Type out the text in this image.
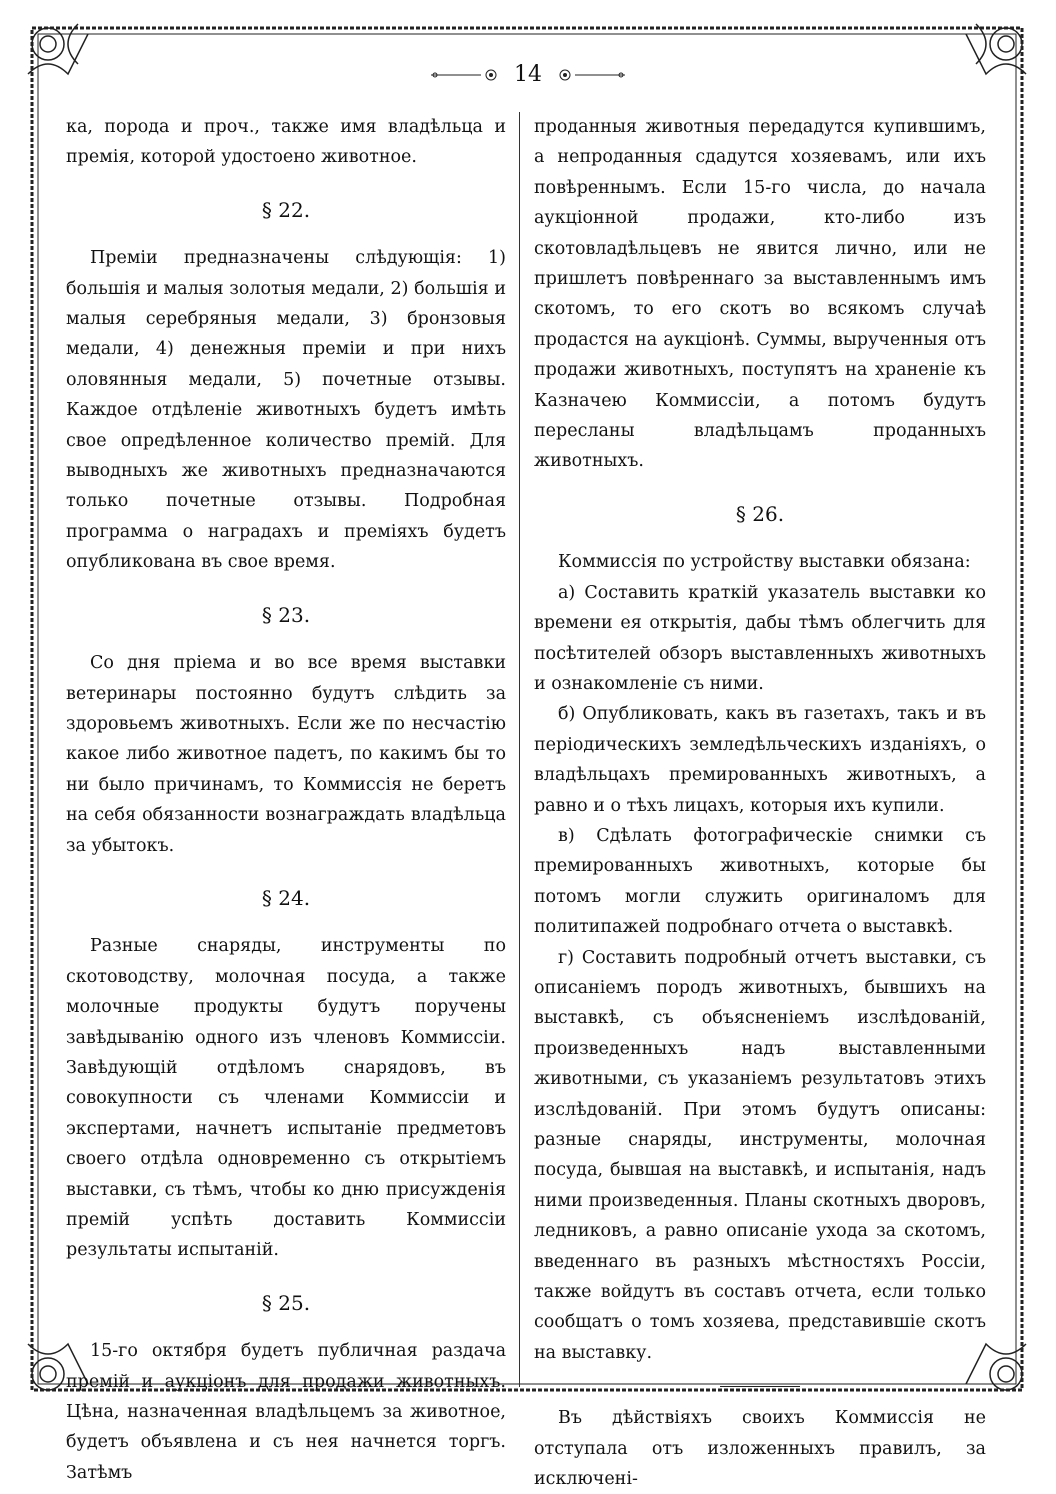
14

ка, порода и проч., также имя владѣльца и премія, которой удостоено животное.

§ 22.

Преміи предназначены слѣдующія: 1) большія и малыя золотыя медали, 2) большія и малыя серебряныя медали, 3) бронзовыя медали, 4) денежныя преміи и при нихъ оловянныя медали, 5) почетные отзывы. Каждое отдѣленіе животныхъ будетъ имѣть свое опредѣленное количество премій. Для выводныхъ же животныхъ предназначаются только почетные отзывы. Подробная программа о наградахъ и преміяхъ будетъ опубликована въ свое время.

§ 23.

Со дня пріема и во все время выставки ветеринары постоянно будутъ слѣдить за здоровьемъ животныхъ. Если же по несчастію какое либо животное падетъ, по какимъ бы то ни было причинамъ, то Коммиссія не беретъ на себя обязанности вознаграждать владѣльца за убытокъ.

§ 24.

Разные снаряды, инструменты по скотоводству, молочная посуда, а также молочные продукты будутъ поручены завѣдыванію одного изъ членовъ Коммиссіи. Завѣдующій отдѣломъ снарядовъ, въ совокупности съ членами Коммиссіи и экспертами, начнетъ испытаніе предметовъ своего отдѣла одновременно съ открытіемъ выставки, съ тѣмъ, чтобы ко дню присужденія премій успѣть доставить Коммиссіи результаты испытаній.

§ 25.

15-го октября будетъ публичная раздача премій и аукціонъ для продажи животныхъ. Цѣна, назначенная владѣльцемъ за животное, будетъ объявлена и съ нея начнется торгъ. Затѣмъ

проданныя животныя передадутся купившимъ, а непроданныя сдадутся хозяевамъ, или ихъ повѣреннымъ. Если 15-го числа, до начала аукціонной продажи, кто-либо изъ скотовладѣльцевъ не явится лично, или не пришлетъ повѣреннаго за выставленнымъ имъ скотомъ, то его скотъ во всякомъ случаѣ продастся на аукціонѣ. Суммы, вырученныя отъ продажи животныхъ, поступятъ на храненіе къ Казначею Коммиссіи, а потомъ будутъ пересланы владѣльцамъ проданныхъ животныхъ.

§ 26.

Коммиссія по устройству выставки обязана:

а) Составить краткій указатель выставки ко времени ея открытія, дабы тѣмъ облегчить для посѣтителей обзоръ выставленныхъ животныхъ и ознакомленіе съ ними.

б) Опубликовать, какъ въ газетахъ, такъ и въ періодическихъ земледѣльческихъ изданіяхъ, о владѣльцахъ премированныхъ животныхъ, а равно и о тѣхъ лицахъ, которыя ихъ купили.

в) Сдѣлать фотографическіе снимки съ премированныхъ животныхъ, которые бы потомъ могли служить оригиналомъ для политипажей подробнаго отчета о выставкѣ.

г) Составить подробный отчетъ выставки, съ описаніемъ породъ животныхъ, бывшихъ на выставкѣ, съ объясненіемъ изслѣдованій, произведенныхъ надъ выставленными животными, съ указаніемъ результатовъ этихъ изслѣдованій. При этомъ будутъ описаны: разные снаряды, инструменты, молочная посуда, бывшая на выставкѣ, и испытанія, надъ ними произведенныя. Планы скотныхъ дворовъ, ледниковъ, а равно описаніе ухода за скотомъ, введеннаго въ разныхъ мѣстностяхъ Россіи, также войдутъ въ составъ отчета, если только сообщатъ о томъ хозяева, представившіе скотъ на выставку.

Въ дѣйствіяхъ своихъ Коммиссія не отступала отъ изложенныхъ правилъ, за исключені-
